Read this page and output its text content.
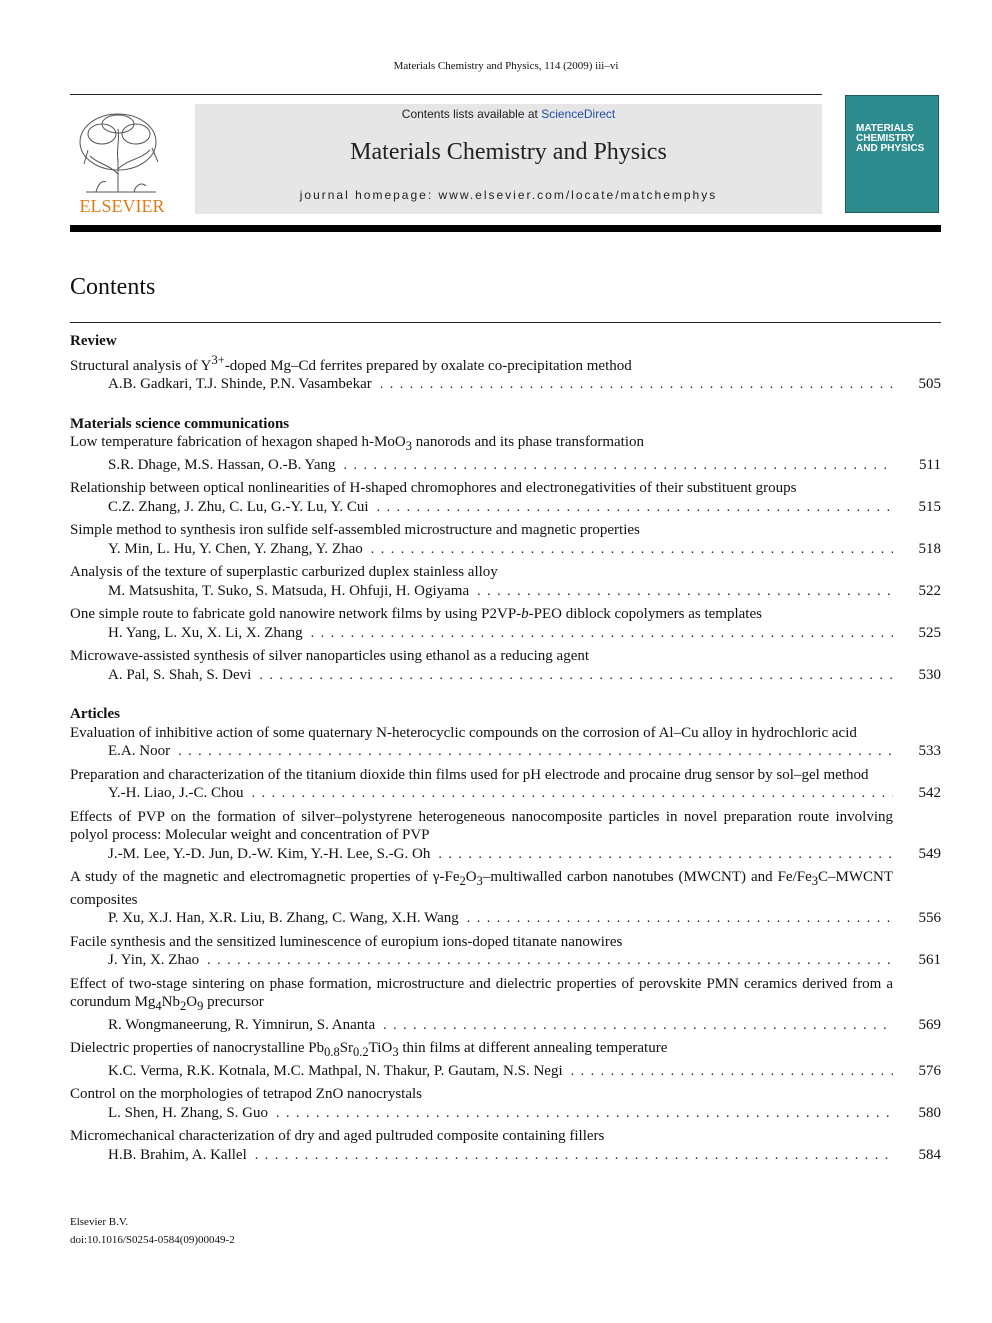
Materials Chemistry and Physics, 114 (2009) iii–vi
ELSEVIER
Contents lists available at ScienceDirect
Materials Chemistry and Physics
journal homepage: www.elsevier.com/locate/matchemphys
MATERIALS CHEMISTRY AND PHYSICS
Contents
Review
Structural analysis of $Y^{3+}$-doped Mg–Cd ferrites prepared by oxalate co-precipitation method
A.B. Gadkari, T.J. Shinde, P.N. Vasambekar . . .	505
Materials science communications
Low temperature fabrication of hexagon shaped h-MoO$_3$ nanorods and its phase transformation
S.R. Dhage, M.S. Hassan, O.-B. Yang . . .	511
Relationship between optical nonlinearities of H-shaped chromophores and electronegativities of their substituent groups
C.Z. Zhang, J. Zhu, C. Lu, G.-Y. Lu, Y. Cui . . .	515
Simple method to synthesis iron sulfide self-assembled microstructure and magnetic properties
Y. Min, L. Hu, Y. Chen, Y. Zhang, Y. Zhao . . .	518
Analysis of the texture of superplastic carburized duplex stainless alloy
M. Matsushita, T. Suko, S. Matsuda, H. Ohfuji, H. Ogiyama . . .	522
One simple route to fabricate gold nanowire network films by using P2VP-b-PEO diblock copolymers as templates
H. Yang, L. Xu, X. Li, X. Zhang . . .	525
Microwave-assisted synthesis of silver nanoparticles using ethanol as a reducing agent
A. Pal, S. Shah, S. Devi . . .	530
Articles
Evaluation of inhibitive action of some quaternary N-heterocyclic compounds on the corrosion of Al–Cu alloy in hydrochloric acid
E.A. Noor . . .	533
Preparation and characterization of the titanium dioxide thin films used for pH electrode and procaine drug sensor by sol–gel method
Y.-H. Liao, J.-C. Chou . . .	542
Effects of PVP on the formation of silver–polystyrene heterogeneous nanocomposite particles in novel preparation route involving polyol process: Molecular weight and concentration of PVP
J.-M. Lee, Y.-D. Jun, D.-W. Kim, Y.-H. Lee, S.-G. Oh . . .	549
A study of the magnetic and electromagnetic properties of $\gamma-Fe_2O_3$–multiwalled carbon nanotubes (MWCNT) and $Fe/Fe_3C$–MWCNT composites
P. Xu, X.J. Han, X.R. Liu, B. Zhang, C. Wang, X.H. Wang . . .	556
Facile synthesis and the sensitized luminescence of europium ions-doped titanate nanowires
J. Yin, X. Zhao . . .	561
Effect of two-stage sintering on phase formation, microstructure and dielectric properties of perovskite PMN ceramics derived from a corundum $Mg_4Nb_2O_9$ precursor
R. Wongmaneerung, R. Yimnirun, S. Ananta . . .	569
Dielectric properties of nanocrystalline $Pb_{0.8}Sr_{0.2}TiO_3$ thin films at different annealing temperature
K.C. Verma, R.K. Kotnala, M.C. Mathpal, N. Thakur, P. Gautam, N.S. Negi . . .	576
Control on the morphologies of tetrapod ZnO nanocrystals
L. Shen, H. Zhang, S. Guo . . .	580
Micromechanical characterization of dry and aged pultruded composite containing fillers
H.B. Brahim, A. Kallel . . .	584
Elsevier B.V.
doi:10.1016/S0254-0584(09)00049-2
